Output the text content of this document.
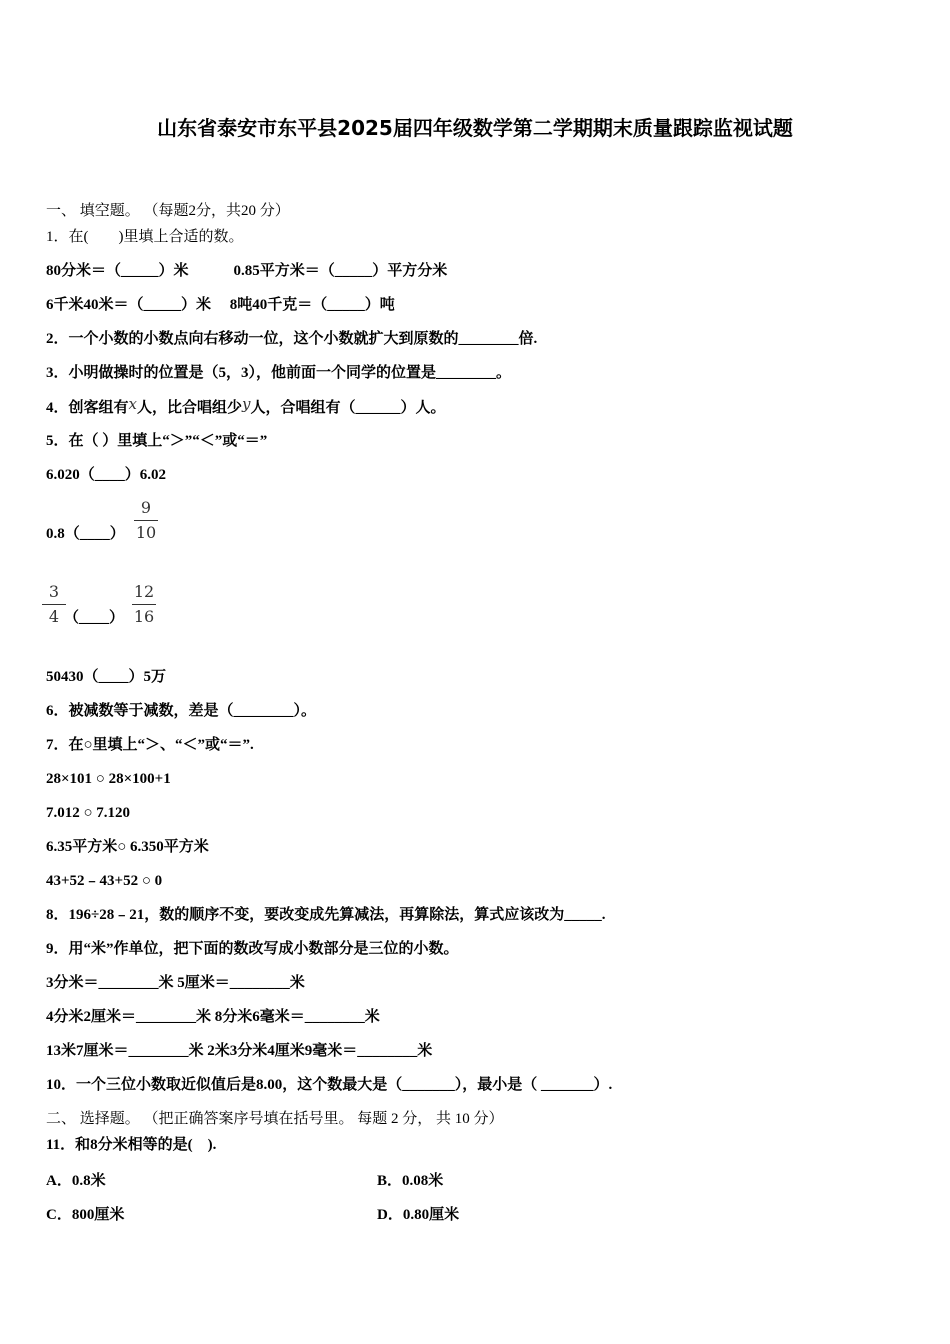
山东省泰安市东平县2025届四年级数学第二学期期末质量跟踪监视试题
一、 填空题。 （每题2分，共20 分）
1．在(　　)里填上合适的数。
80分米＝（_____）米　　　0.85平方米＝（_____）平方分米
6千米40米＝（_____）米　 8吨40千克＝（_____）吨
2．一个小数的小数点向右移动一位，这个小数就扩大到原数的________倍.
3．小明做操时的位置是（5，3），他前面一个同学的位置是________。
4．创客组有x人，比合唱组少y人，合唱组有（______）人。
5．在（ ）里填上“＞”“＜”或“＝”
6.020（____）6.02
0.8（____）
9
10
3
4 （____）
12
16
50430（____）5万
6．被减数等于减数，差是（________）。
7．在○里填上“＞、“＜”或“＝”.
28×101 ○ 28×100+1
7.012 ○ 7.120
6.35平方米○ 6.350平方米
43+52﹣43+52 ○ 0
8．196÷28﹣21，数的顺序不变，要改变成先算减法，再算除法，算式应该改为_____.
9．用“米”作单位，把下面的数改写成小数部分是三位的小数。
3分米＝________米 5厘米＝________米
4分米2厘米＝________米 8分米6毫米＝________米
13米7厘米＝________米 2米3分米4厘米9毫米＝________米
10．一个三位小数取近似值后是8.00，这个数最大是（_______），最小是（ _______）.
二、 选择题。 （把正确答案序号填在括号里。 每题 2 分， 共 10 分）
11．和8分米相等的是(　).
A．0.8米	B．0.08米
C．800厘米	D．0.80厘米
